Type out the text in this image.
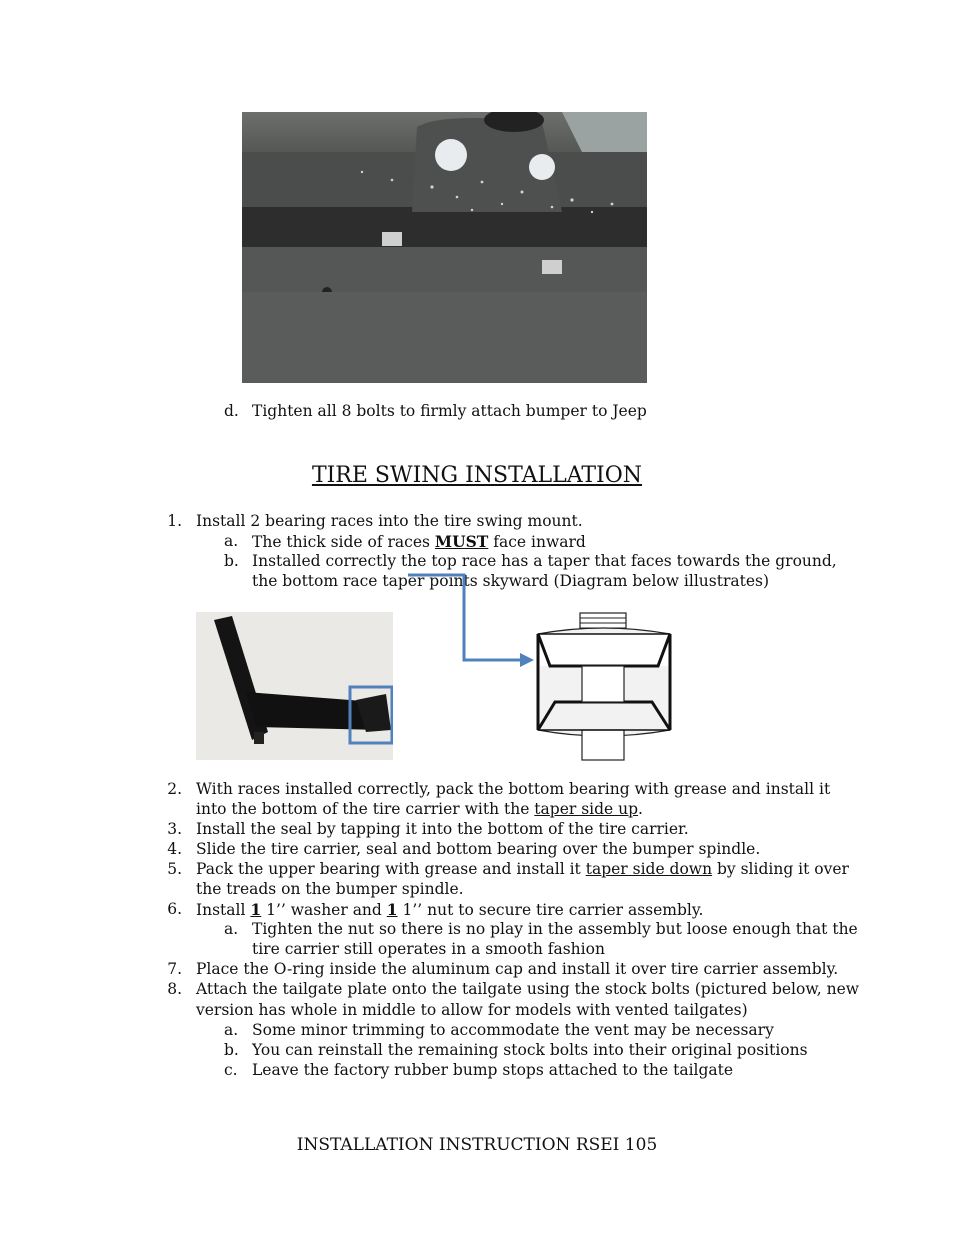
d. Tighten all 8 bolts to firmly attach bumper to Jeep
TIRE SWING INSTALLATION
1. Install 2 bearing races into the tire swing mount.
a. The thick side of races MUST face inward
b. Installed correctly the top race has a taper that faces towards the ground,
the bottom race taper points skyward (Diagram below illustrates)
2. With races installed correctly, pack the bottom bearing with grease and install it
into the bottom of the tire carrier with the taper side up.
3. Install the seal by tapping it into the bottom of the tire carrier.
4. Slide the tire carrier, seal and bottom bearing over the bumper spindle.
5. Pack the upper bearing with grease and install it taper side down by sliding it over
the treads on the bumper spindle.
6. Install 1 1’’ washer and 1 1’’ nut to secure tire carrier assembly.
a. Tighten the nut so there is no play in the assembly but loose enough that the
tire carrier still operates in a smooth fashion
7. Place the O-ring inside the aluminum cap and install it over tire carrier assembly.
8. Attach the tailgate plate onto the tailgate using the stock bolts (pictured below, new
version has whole in middle to allow for models with vented tailgates)
a. Some minor trimming to accommodate the vent may be necessary
b. You can reinstall the remaining stock bolts into their original positions
c. Leave the factory rubber bump stops attached to the tailgate
INSTALLATION INSTRUCTION RSEI 105
